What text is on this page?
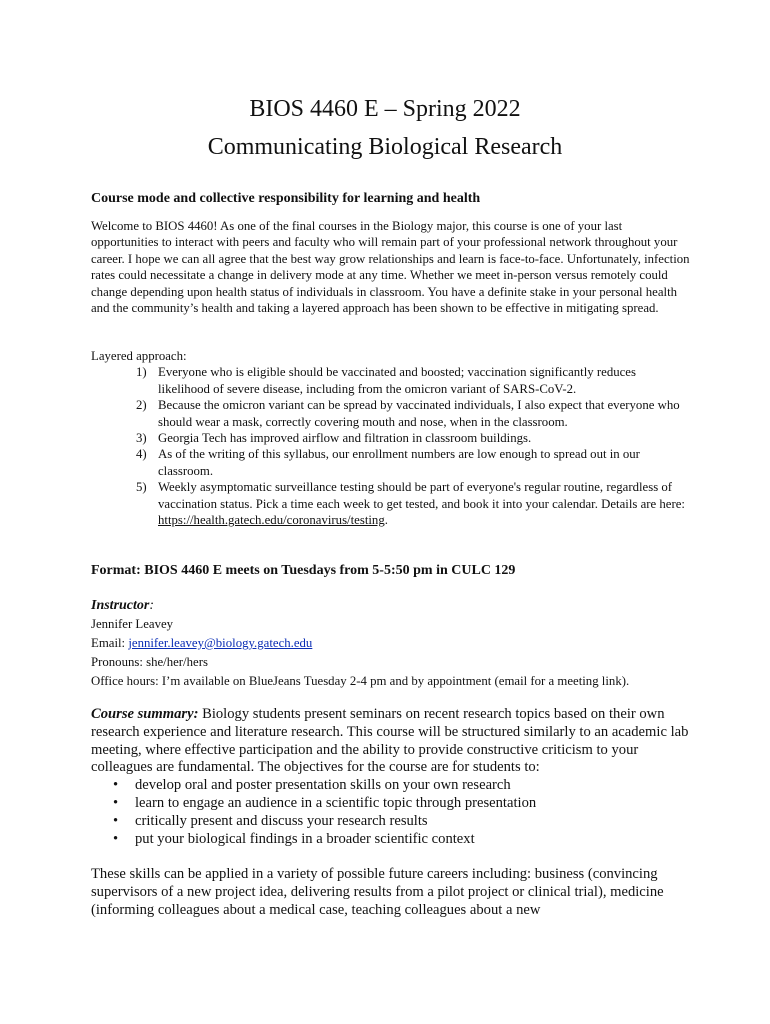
BIOS 4460 E – Spring 2022
Communicating Biological Research
Course mode and collective responsibility for learning and health

Welcome to BIOS 4460! As one of the final courses in the Biology major, this course is one of your last opportunities to interact with peers and faculty who will remain part of your professional network throughout your career. I hope we can all agree that the best way grow relationships and learn is face-to-face. Unfortunately, infection rates could necessitate a change in delivery mode at any time. Whether we meet in-person versus remotely could change depending upon health status of individuals in classroom. You have a definite stake in your personal health and the community’s health and taking a layered approach has been shown to be effective in mitigating spread.

Layered approach:

1) Everyone who is eligible should be vaccinated and boosted; vaccination significantly reduces likelihood of severe disease, including from the omicron variant of SARS-CoV-2.
2) Because the omicron variant can be spread by vaccinated individuals, I also expect that everyone who should wear a mask, correctly covering mouth and nose, when in the classroom.
3) Georgia Tech has improved airflow and filtration in classroom buildings.
4) As of the writing of this syllabus, our enrollment numbers are low enough to spread out in our classroom.
5) Weekly asymptomatic surveillance testing should be part of everyone's regular routine, regardless of vaccination status. Pick a time each week to get tested, and book it into your calendar. Details are here: https://health.gatech.edu/coronavirus/testing.
Format: BIOS 4460 E meets on Tuesdays from 5-5:50 pm in CULC 129

Instructor:

Jennifer Leavey

Email: jennifer.leavey@biology.gatech.edu

Pronouns: she/her/hers

Office hours: I’m available on BlueJeans Tuesday 2-4 pm and by appointment (email for a meeting link).

Course summary: Biology students present seminars on recent research topics based on their own research experience and literature research. This course will be structured similarly to an academic lab meeting, where effective participation and the ability to provide constructive criticism to your colleagues are fundamental. The objectives for the course are for students to:

• develop oral and poster presentation skills on your own research
• learn to engage an audience in a scientific topic through presentation
• critically present and discuss your research results
• put your biological findings in a broader scientific context

These skills can be applied in a variety of possible future careers including: business (convincing supervisors of a new project idea, delivering results from a pilot project or clinical trial), medicine (informing colleagues about a medical case, teaching colleagues about a new
